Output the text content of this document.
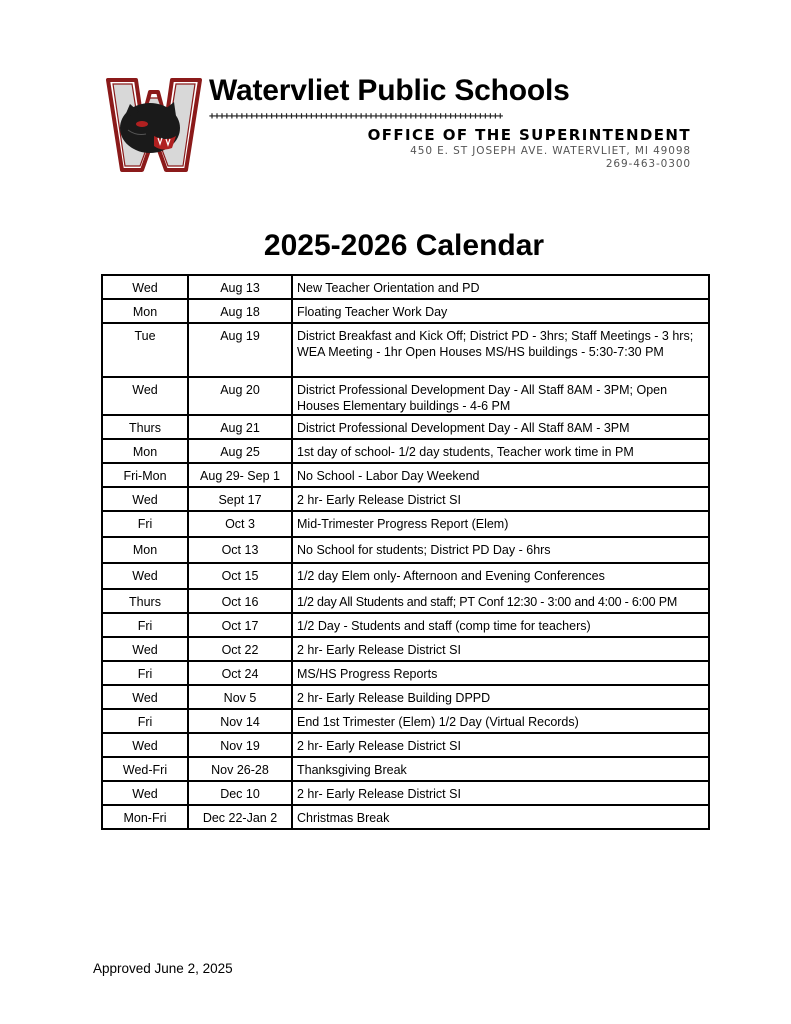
Watervliet Public Schools
+++++++++++++++++++++++++++++++++++++++++++++++++++++++++++
OFFICE OF THE SUPERINTENDENT
450 E. ST JOSEPH AVE. WATERVLIET, MI 49098
269-463-0300
2025-2026 Calendar
Wed	Aug 13	New Teacher Orientation and PD
Mon	Aug 18	Floating Teacher Work Day
Tue	Aug 19	District Breakfast and Kick Off; District PD - 3hrs; Staff Meetings - 3 hrs; WEA Meeting - 1hr Open Houses MS/HS buildings - 5:30-7:30 PM
Wed	Aug 20	District Professional Development Day - All Staff 8AM - 3PM; Open Houses Elementary buildings - 4-6 PM
Thurs	Aug 21	District Professional Development Day - All Staff 8AM - 3PM
Mon	Aug 25	1st day of school- 1/2 day students, Teacher work time in PM
Fri-Mon	Aug 29- Sep 1	No School - Labor Day Weekend
Wed	Sept 17	2 hr- Early Release District SI
Fri	Oct 3	Mid-Trimester Progress Report (Elem)
Mon	Oct 13	No School for students; District PD Day - 6hrs
Wed	Oct 15	1/2 day Elem only- Afternoon and Evening Conferences
Thurs	Oct 16	1/2 day All Students and staff; PT Conf 12:30 - 3:00 and 4:00 - 6:00 PM
Fri	Oct 17	1/2 Day - Students and staff (comp time for teachers)
Wed	Oct 22	2 hr- Early Release District SI
Fri	Oct 24	MS/HS Progress Reports
Wed	Nov 5	2 hr- Early Release Building DPPD
Fri	Nov 14	End 1st Trimester (Elem) 1/2 Day (Virtual Records)
Wed	Nov 19	2 hr- Early Release District SI
Wed-Fri	Nov 26-28	Thanksgiving Break
Wed	Dec 10	2 hr- Early Release District SI
Mon-Fri	Dec 22-Jan 2	Christmas Break
Approved June 2, 2025
